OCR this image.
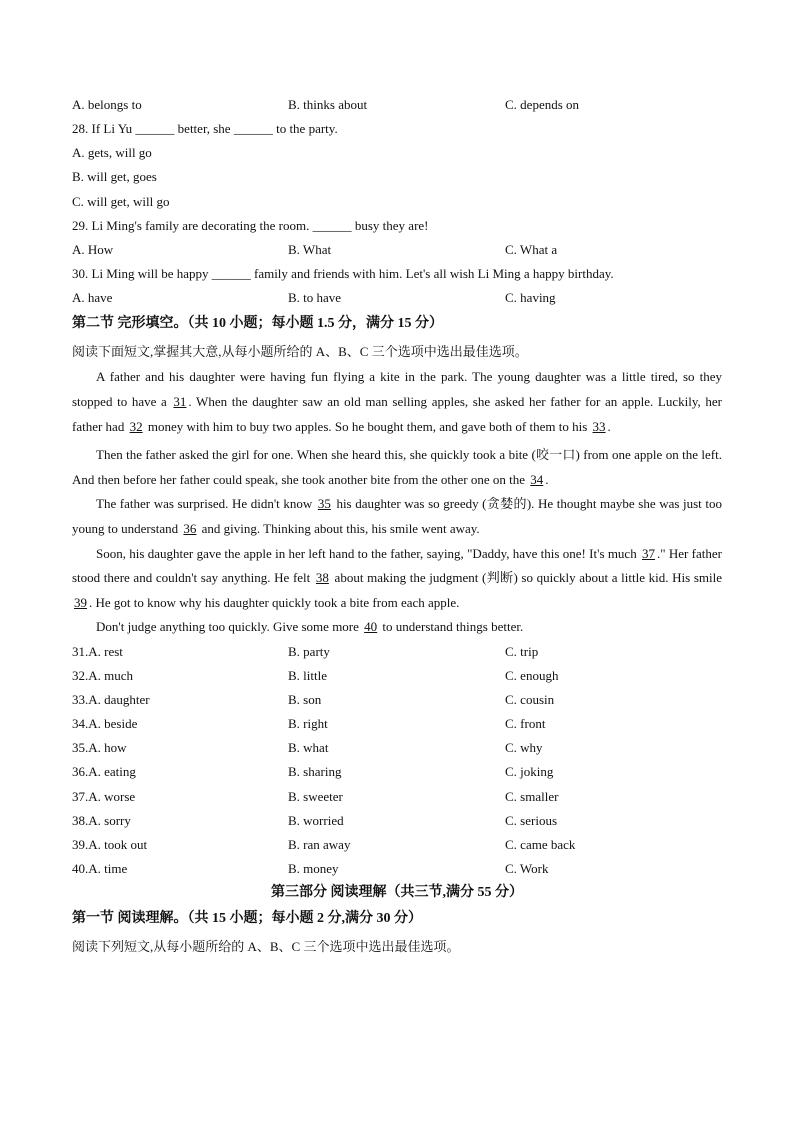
A. belongs to	B. thinks about	C. depends on
28. If Li Yu ______ better, she ______ to the party.
A. gets, will go
B. will get, goes
C. will get, will go
29. Li Ming's family are decorating the room. ______ busy they are!
A. How	B. What	C. What a
30. Li Ming will be happy ______ family and friends with him. Let's all wish Li Ming a happy birthday.
A. have	B. to have	C. having
第二节 完形填空。（共 10 小题；每小题 1.5 分，满分 15 分）
阅读下面短文,掌握其大意,从每小题所给的 A、B、C 三个选项中选出最佳选项。
A father and his daughter were having fun flying a kite in the park. The young daughter was a little tired, so they stopped to have a 31 . When the daughter saw an old man selling apples, she asked her father for an apple. Luckily, her father had 32 money with him to buy two apples. So he bought them, and gave both of them to his 33 .
Then the father asked the girl for one. When she heard this, she quickly took a bite (咬一口) from one apple on the left. And then before her father could speak, she took another bite from the other one on the 34 .
The father was surprised. He didn't know 35 his daughter was so greedy (贪婪的). He thought maybe she was just too young to understand 36 and giving. Thinking about this, his smile went away.
Soon, his daughter gave the apple in her left hand to the father, saying, "Daddy, have this one! It's much 37 ." Her father stood there and couldn't say anything. He felt 38 about making the judgment (判断) so quickly about a little kid. His smile 39 . He got to know why his daughter quickly took a bite from each apple.
Don't judge anything too quickly. Give some more 40 to understand things better.
31.A. rest	B. party	C. trip
32.A. much	B. little	C. enough
33.A. daughter	B. son	C. cousin
34.A. beside	B. right	C. front
35.A. how	B. what	C. why
36.A. eating	B. sharing	C. joking
37.A. worse	B. sweeter	C. smaller
38.A. sorry	B. worried	C. serious
39.A. took out	B. ran away	C. came back
40.A. time	B. money	C. Work
第三部分 阅读理解（共三节,满分 55 分）
第一节 阅读理解。（共 15 小题；每小题 2 分,满分 30 分）
阅读下列短文,从每小题所给的 A、B、C 三个选项中选出最佳选项。
